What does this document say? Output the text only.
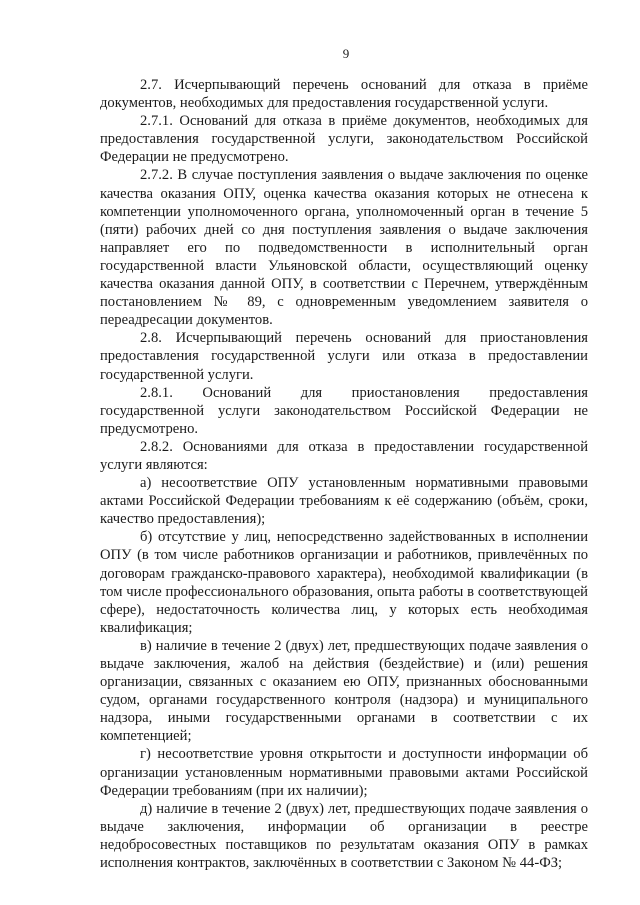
9

2.7. Исчерпывающий перечень оснований для отказа в приёме документов, необходимых для предоставления государственной услуги.

2.7.1. Оснований для отказа в приёме документов, необходимых для предоставления государственной услуги, законодательством Российской Федерации не предусмотрено.

2.7.2. В случае поступления заявления о выдаче заключения по оценке качества оказания ОПУ, оценка качества оказания которых не отнесена к компетенции уполномоченного органа, уполномоченный орган в течение 5 (пяти) рабочих дней со дня поступления заявления о выдаче заключения направляет его по подведомственности в исполнительный орган государственной власти Ульяновской области, осуществляющий оценку качества оказания данной ОПУ, в соответствии с Перечнем, утверждённым постановлением № 89, с одновременным уведомлением заявителя о переадресации документов.

2.8. Исчерпывающий перечень оснований для приостановления предоставления государственной услуги или отказа в предоставлении государственной услуги.

2.8.1. Оснований для приостановления предоставления государственной услуги законодательством Российской Федерации не предусмотрено.

2.8.2. Основаниями для отказа в предоставлении государственной услуги являются:

а) несоответствие ОПУ установленным нормативными правовыми актами Российской Федерации требованиям к её содержанию (объём, сроки, качество предоставления);

б) отсутствие у лиц, непосредственно задействованных в исполнении ОПУ (в том числе работников организации и работников, привлечённых по договорам гражданско-правового характера), необходимой квалификации (в том числе профессионального образования, опыта работы в соответствующей сфере), недостаточность количества лиц, у которых есть необходимая квалификация;

в) наличие в течение 2 (двух) лет, предшествующих подаче заявления о выдаче заключения, жалоб на действия (бездействие) и (или) решения организации, связанных с оказанием ею ОПУ, признанных обоснованными судом, органами государственного контроля (надзора) и муниципального надзора, иными государственными органами в соответствии с их компетенцией;

г) несоответствие уровня открытости и доступности информации об организации установленным нормативными правовыми актами Российской Федерации требованиям (при их наличии);

д) наличие в течение 2 (двух) лет, предшествующих подаче заявления о выдаче заключения, информации об организации в реестре недобросовестных поставщиков по результатам оказания ОПУ в рамках исполнения контрактов, заключённых в соответствии с Законом № 44-ФЗ;
